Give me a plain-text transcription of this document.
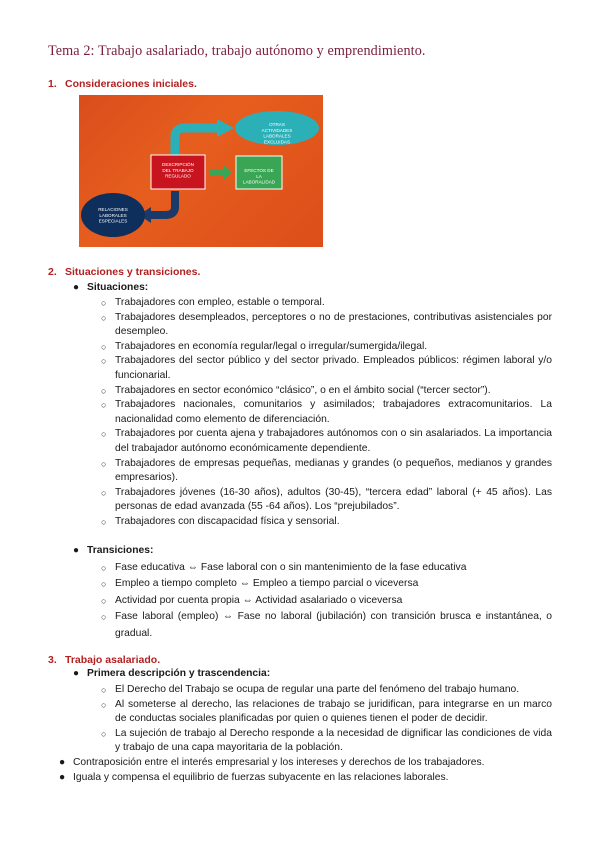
Tema 2: Trabajo asalariado, trabajo autónomo y emprendimiento.
1. Consideraciones iniciales.
DESCRIPCIÓN DEL TRABAJO REGULADO
OTRAS ACTIVIDADES LABORALES EXCLUIDAS
EFECTOS DE LA LABORALIDAD
RELACIONES LABORALES ESPECIALES
2. Situaciones y transiciones.
● Situaciones:
○ Trabajadores con empleo, estable o temporal.
○ Trabajadores desempleados, perceptores o no de prestaciones, contributivas asistenciales por desempleo.
○ Trabajadores en economía regular/legal o irregular/sumergida/ilegal.
○ Trabajadores del sector público y del sector privado. Empleados públicos: régimen laboral y/o funcionarial.
○ Trabajadores en sector económico “clásico”, o en el ámbito social (“tercer sector”).
○ Trabajadores nacionales, comunitarios y asimilados; trabajadores extracomunitarios. La nacionalidad como elemento de diferenciación.
○ Trabajadores por cuenta ajena y trabajadores autónomos con o sin asalariados. La importancia del trabajador autónomo económicamente dependiente.
○ Trabajadores de empresas pequeñas, medianas y grandes (o pequeños, medianos y grandes empresarios).
○ Trabajadores jóvenes (16-30 años), adultos (30-45), “tercera edad” laboral (+ 45 años). Las personas de edad avanzada (55 -64 años). Los “prejubilados”.
○ Trabajadores con discapacidad física y sensorial.
● Transiciones:
○ Fase educativa ⇔ Fase laboral con o sin mantenimiento de la fase educativa
○ Empleo a tiempo completo ⇔ Empleo a tiempo parcial o viceversa
○ Actividad por cuenta propia ⇔ Actividad asalariado o viceversa
○ Fase laboral (empleo) ⇔ Fase no laboral (jubilación) con transición brusca e instantánea, o gradual.
3. Trabajo asalariado.
● Primera descripción y trascendencia:
○ El Derecho del Trabajo se ocupa de regular una parte del fenómeno del trabajo humano.
○ Al someterse al derecho, las relaciones de trabajo se juridifican, para integrarse en un marco de conductas sociales planificadas por quien o quienes tienen el poder de decidir.
○ La sujeción de trabajo al Derecho responde a la necesidad de dignificar las condiciones de vida y trabajo de una capa mayoritaria de la población.
● Contraposición entre el interés empresarial y los intereses y derechos de los trabajadores.
● Iguala y compensa el equilibrio de fuerzas subyacente en las relaciones laborales.
